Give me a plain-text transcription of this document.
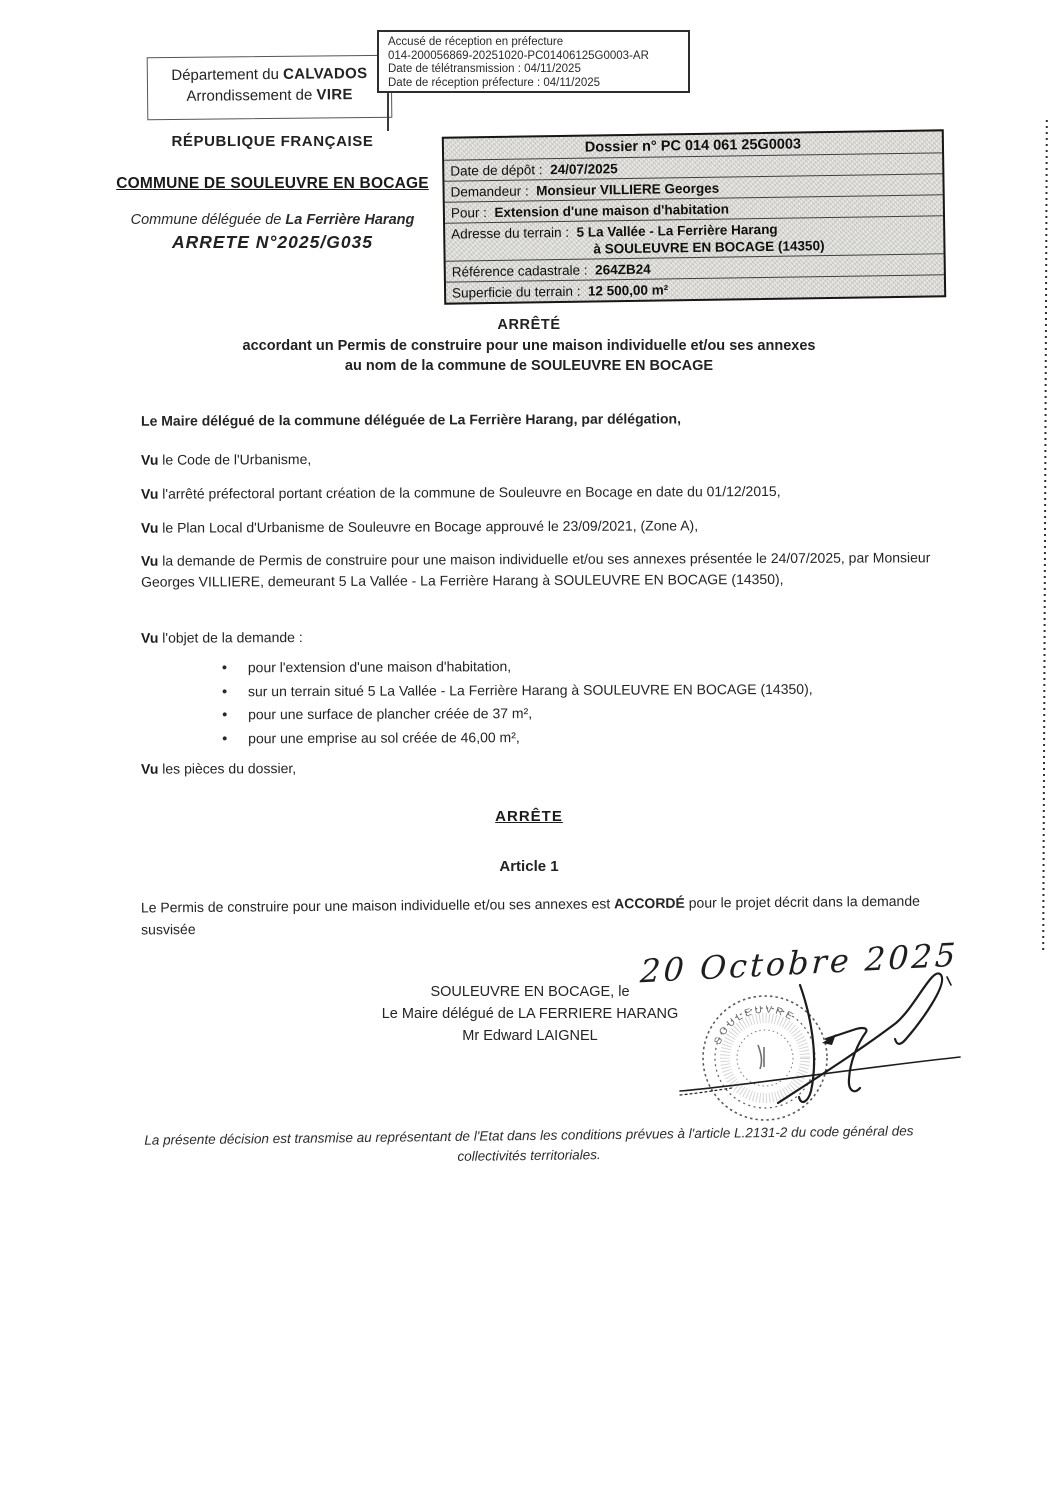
Département du CALVADOS
Arrondissement de VIRE
Accusé de réception en préfecture
014-200056869-20251020-PC01406125G0003-AR
Date de télétransmission : 04/11/2025
Date de réception préfecture : 04/11/2025
RÉPUBLIQUE FRANÇAISE
COMMUNE DE SOULEUVRE EN BOCAGE
Commune déléguée de La Ferrière Harang
ARRETE N°2025/G035
Dossier n° PC 014 061 25G0003
Date de dépôt : 24/07/2025
Demandeur : Monsieur VILLIERE Georges
Pour : Extension d'une maison d'habitation
Adresse du terrain : 5 La Vallée - La Ferrière Harang
à SOULEUVRE EN BOCAGE (14350)
Référence cadastrale : 264ZB24
Superficie du terrain : 12 500,00 m²
ARRÊTÉ
accordant un Permis de construire pour une maison individuelle et/ou ses annexes
au nom de la commune de SOULEUVRE EN BOCAGE
Le Maire délégué de la commune déléguée de La Ferrière Harang, par délégation,
Vu le Code de l'Urbanisme,
Vu l'arrêté préfectoral portant création de la commune de Souleuvre en Bocage en date du 01/12/2015,
Vu le Plan Local d'Urbanisme de Souleuvre en Bocage approuvé le 23/09/2021, (Zone A),
Vu la demande de Permis de construire pour une maison individuelle et/ou ses annexes présentée le 24/07/2025, par Monsieur Georges VILLIERE, demeurant 5 La Vallée - La Ferrière Harang à SOULEUVRE EN BOCAGE (14350),
Vu l'objet de la demande :
• pour l'extension d'une maison d'habitation,
• sur un terrain situé 5 La Vallée - La Ferrière Harang à SOULEUVRE EN BOCAGE (14350),
• pour une surface de plancher créée de 37 m²,
• pour une emprise au sol créée de 46,00 m²,
Vu les pièces du dossier,
ARRÊTE
Article 1
Le Permis de construire pour une maison individuelle et/ou ses annexes est ACCORDÉ pour le projet décrit dans la demande susvisée
SOULEUVRE EN BOCAGE, le
Le Maire délégué de LA FERRIERE HARANG
Mr Edward LAIGNEL
20 Octobre 2025
SOULEUVRE
La présente décision est transmise au représentant de l'Etat dans les conditions prévues à l'article L.2131-2 du code général des collectivités territoriales.
